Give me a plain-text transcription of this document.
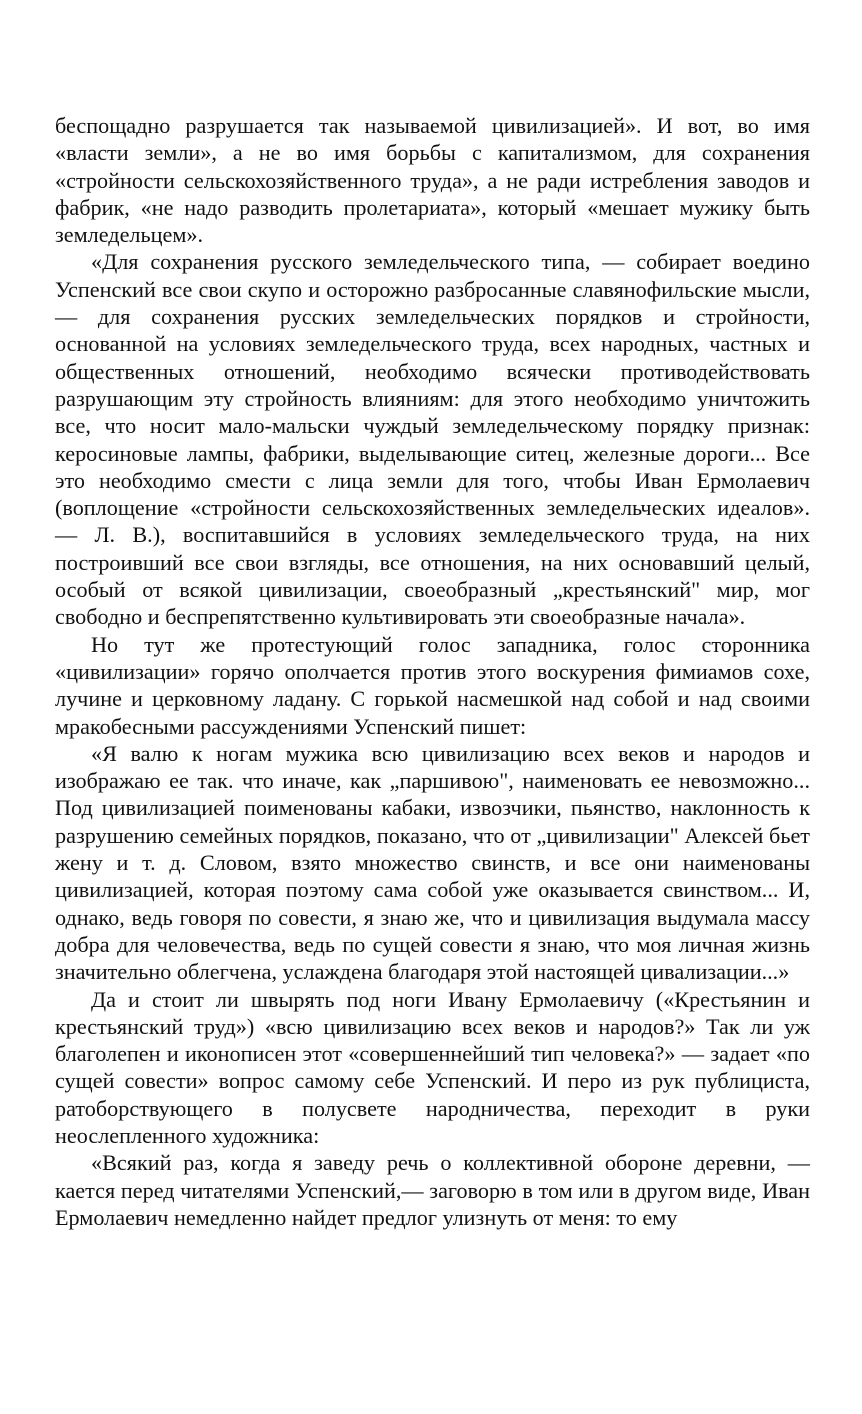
беспощадно разрушается так называемой цивилизацией». И вот, во имя «власти земли», а не во имя борьбы с капитализмом, для сохранения «стройности сельскохозяйственного труда», а не ради истребления заводов и фабрик, «не надо разводить пролетариата», который «мешает мужику быть земледельцем».

«Для сохранения русского земледельческого типа, — собирает воедино Успенский все свои скупо и осторожно разбросанные славянофильские мысли, — для сохранения русских земледельческих порядков и стройности, основанной на условиях земледельческого труда, всех народных, частных и общественных отношений, необходимо всячески противодействовать разрушающим эту стройность влияниям: для этого необходимо уничтожить все, что носит мало-мальски чуждый земледельческому порядку признак: керосиновые лампы, фабрики, выделывающие ситец, железные дороги... Все это необходимо смести с лица земли для того, чтобы Иван Ермолаевич (воплощение «стройности сельскохозяйственных земледельческих идеалов». — Л. В.), воспитавшийся в условиях земледельческого труда, на них построивший все свои взгляды, все отношения, на них основавший целый, особый от всякой цивилизации, своеобразный „крестьянский" мир, мог свободно и беспрепятственно культивировать эти своеобразные начала».

Но тут же протестующий голос западника, голос сторонника «цивилизации» горячо ополчается против этого воскурения фимиамов сохе, лучине и церковному ладану. С горькой насмешкой над собой и над своими мракобесными рассуждениями Успенский пишет:

«Я валю к ногам мужика всю цивилизацию всех веков и народов и изображаю ее так. что иначе, как „паршивою", наименовать ее невозможно... Под цивилизацией поименованы кабаки, извозчики, пьянство, наклонность к разрушению семейных порядков, показано, что от „цивилизации" Алексей бьет жену и т. д. Словом, взято множество свинств, и все они наименованы цивилизацией, которая поэтому сама собой уже оказывается свинством... И, однако, ведь говоря по совести, я знаю же, что и цивилизация выдумала массу добра для человечества, ведь по сущей совести я знаю, что моя личная жизнь значительно облегчена, услаждена благодаря этой настоящей цивализации...»

Да и стоит ли швырять под ноги Ивану Ермолаевичу («Крестьянин и крестьянский труд») «всю цивилизацию всех веков и народов?» Так ли уж благолепен и иконописен этот «совершеннейший тип человека?» — задает «по сущей совести» вопрос самому себе Успенский. И перо из рук публициста, ратоборствующего в полусвете народничества, переходит в руки неослепленного художника:

«Всякий раз, когда я заведу речь о коллективной обороне деревни, — кается перед читателями Успенский,— заговорю в том или в другом виде, Иван Ермолаевич немедленно найдет предлог улизнуть от меня: то ему
